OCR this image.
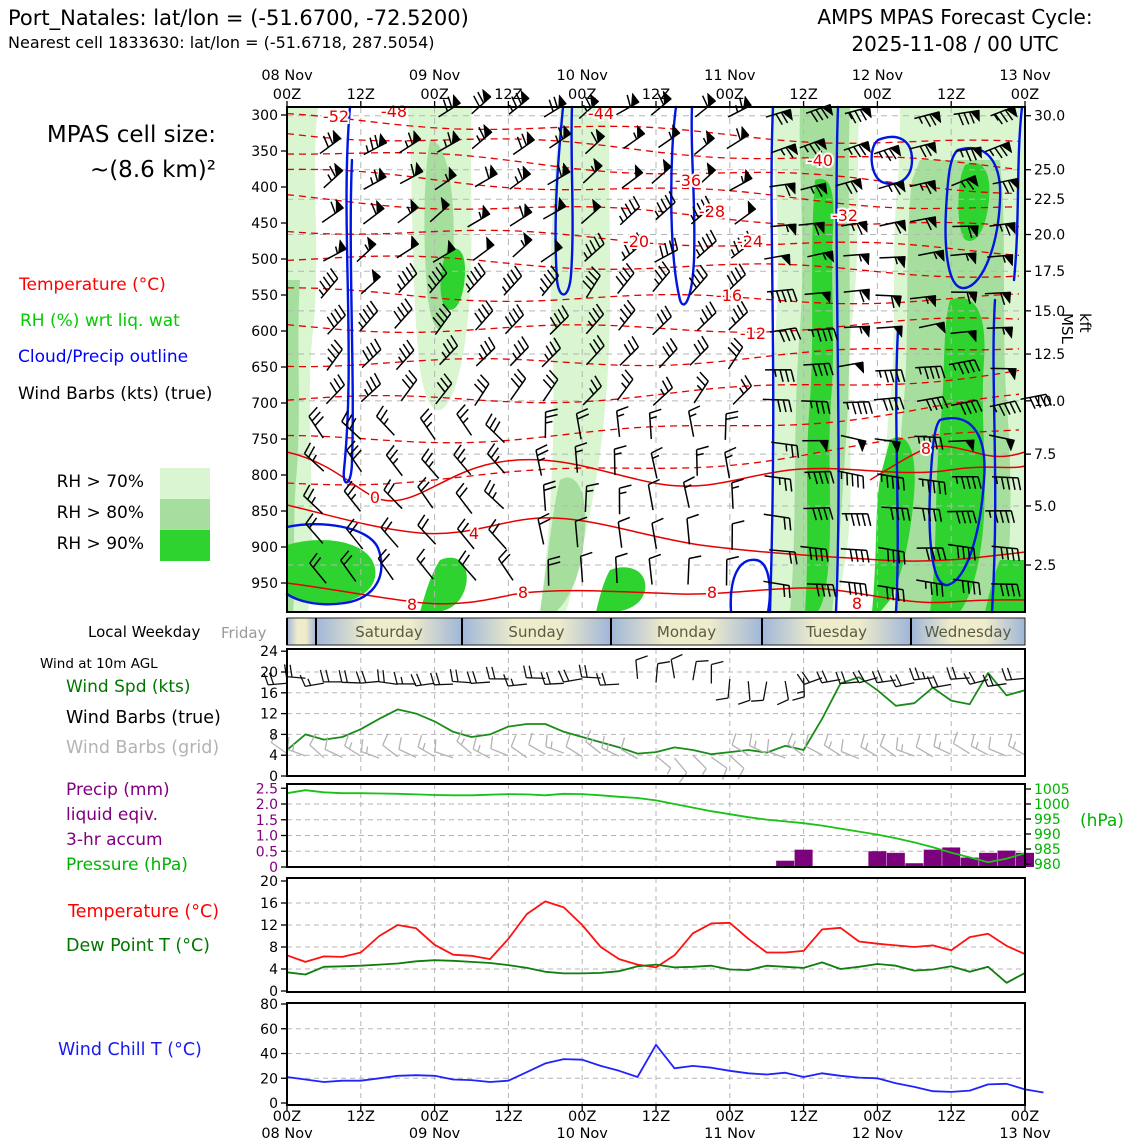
-52 -48	-44
-40
-36
-32
-28
-24
-20
-16
-12
8
0
4
8
8	8
8
300
350
400
450
500
550
600
650
700
750
800
850
900
950
30.0
25.0
22.5
20.0
17.5
15.0
12.5
10.0
7.5
5.0
2.5
08 Nov
00Z
09 Nov
00Z
10 Nov
00Z
11 Nov
00Z
12 Nov
00Z
13 Nov
00Z
12Z	12Z	12Z	12Z	12Z
Saturday	Sunday	Monday	Tuesday	Wednesday
0
4
8
12
16
20
24
2.5
2.0
1.5
1.0
0.5
0
1005
1000
995
990
985
980
0
4
8
12
16
20
0
20
40
60
80
00Z
08 Nov
00Z
09 Nov
00Z
10 Nov
00Z
11 Nov
00Z
12 Nov
00Z
13 Nov
12Z	12Z	12Z	12Z	12Z
Port_Natales: lat/lon = (-51.6700, -72.5200)
Nearest cell 1833630: lat/lon = (-51.6718, 287.5054)
AMPS MPAS Forecast Cycle:
2025-11-08 / 00 UTC
MPAS cell size:
~(8.6 km)²
Temperature (°C)
RH (%) wrt liq. wat
Cloud/Precip outline
Wind Barbs (kts) (true)
RH > 70%
RH > 80%
RH > 90%
Local Weekday Friday
Wind at 10m AGL
Wind Spd (kts)
Wind Barbs (true)
Wind Barbs (grid)
Precip (mm)
liquid eqiv.
3-hr accum
Pressure (hPa)
(hPa)
Temperature (°C)
Dew Point T (°C)
Wind Chill T (°C)
kft MSL
